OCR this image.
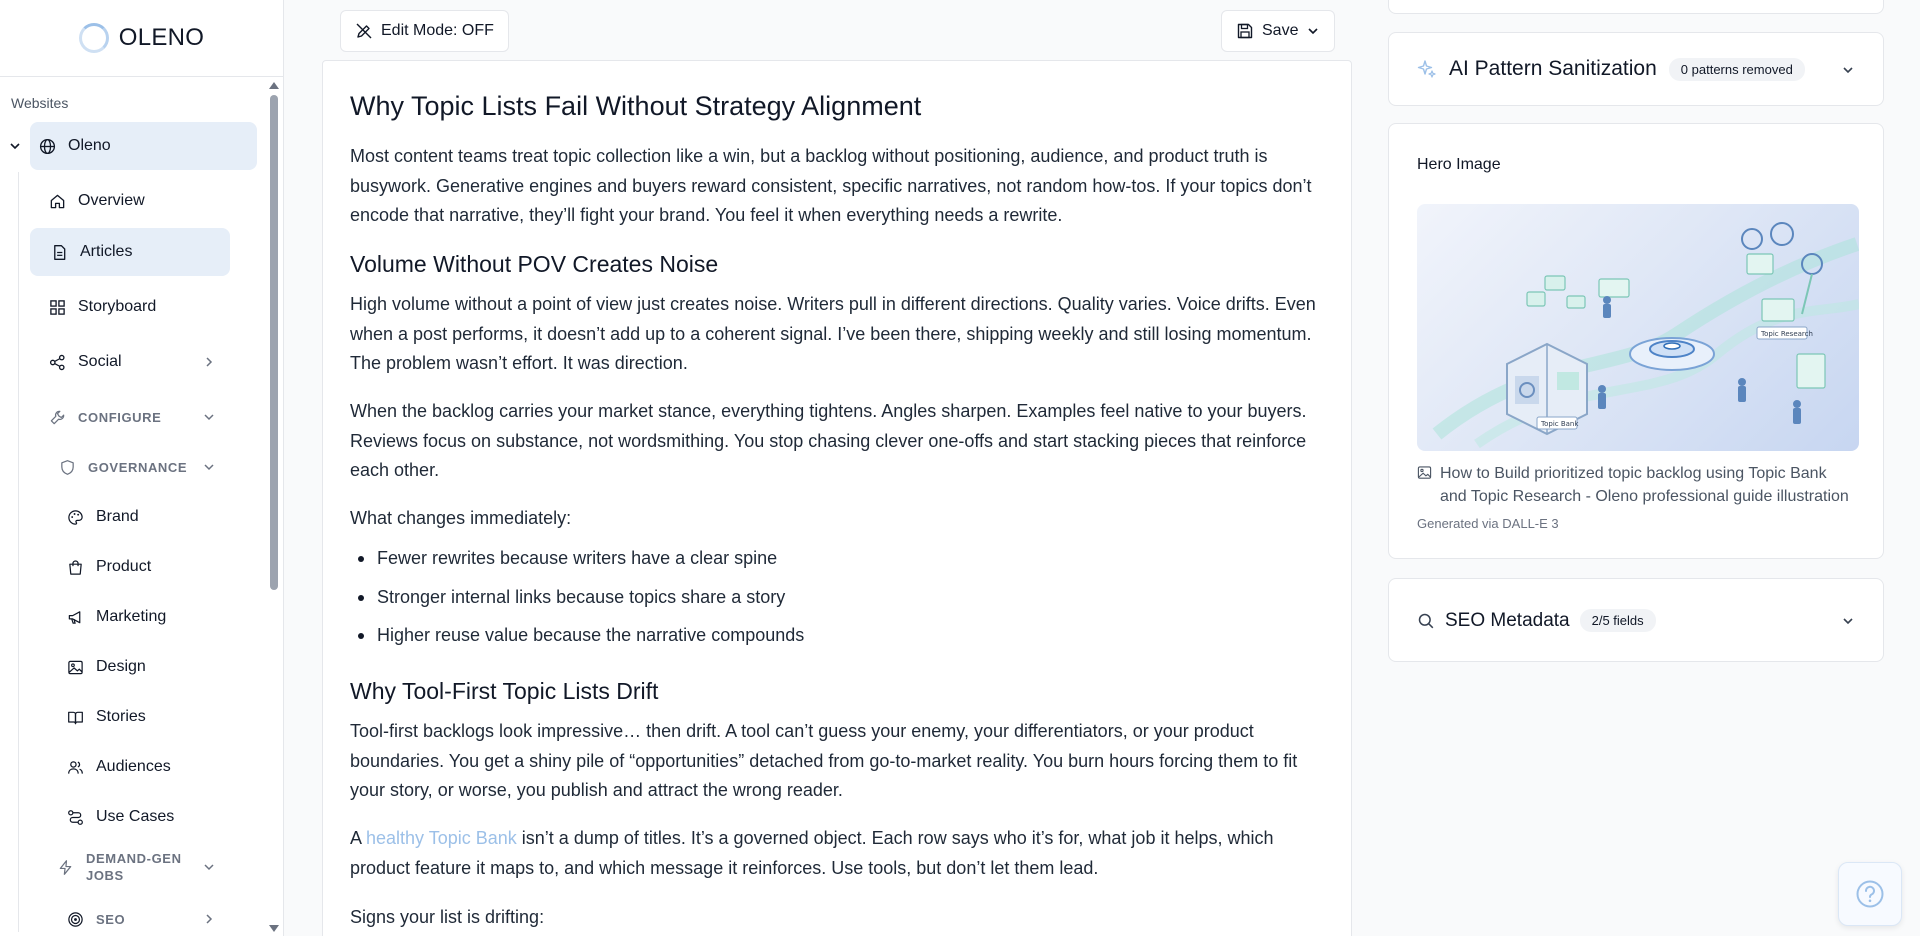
OLENO
Websites
Oleno
Overview
Articles
Storyboard
Social
CONFIGURE
GOVERNANCE
Brand
Product
Marketing
Design
Stories
Audiences
Use Cases
DEMAND-GEN
JOBS
SEO
Edit Mode: OFF	Save
Why Topic Lists Fail Without Strategy Alignment

Most content teams treat topic collection like a win, but a backlog without positioning, audience, and product truth is busywork. Generative engines and buyers reward consistent, specific narratives, not random how-tos. If your topics don’t encode that narrative, they’ll fight your brand. You feel it when everything needs a rewrite.

Volume Without POV Creates Noise

High volume without a point of view just creates noise. Writers pull in different directions. Quality varies. Voice drifts. Even when a post performs, it doesn’t add up to a coherent signal. I’ve been there, shipping weekly and still losing momentum. The problem wasn’t effort. It was direction.

When the backlog carries your market stance, everything tightens. Angles sharpen. Examples feel native to your buyers. Reviews focus on substance, not wordsmithing. You stop chasing clever one-offs and start stacking pieces that reinforce each other.

What changes immediately:

Fewer rewrites because writers have a clear spine
Stronger internal links because topics share a story
Higher reuse value because the narrative compounds
Why Tool-First Topic Lists Drift

Tool-first backlogs look impressive… then drift. A tool can’t guess your enemy, your differentiators, or your product boundaries. You get a shiny pile of “opportunities” detached from go-to-market reality. You burn hours forcing them to fit your story, or worse, you publish and attract the wrong reader.

A healthy Topic Bank isn’t a dump of titles. It’s a governed object. Each row says who it’s for, what job it helps, which product feature it maps to, and which message it reinforces. Use tools, but don’t let them lead.

Signs your list is drifting:

AI Pattern Sanitization	0 patterns removed
Hero Image
Topic Research
Topic Bank
How to Build prioritized topic backlog using Topic Bank and Topic Research - Oleno professional guide illustration
Generated via DALL-E 3
SEO Metadata	2/5 fields
